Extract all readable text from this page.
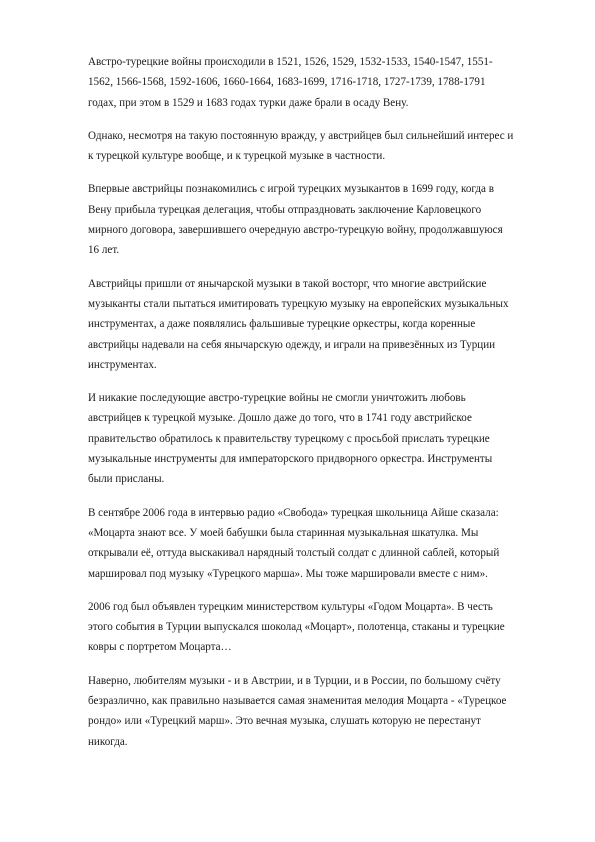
Австро-турецкие войны происходили в 1521, 1526, 1529, 1532-1533, 1540-1547, 1551-1562, 1566-1568, 1592-1606, 1660-1664, 1683-1699, 1716-1718, 1727-1739, 1788-1791 годах, при этом в 1529 и 1683 годах турки даже брали в осаду Вену.

Однако, несмотря на такую постоянную вражду, у австрийцев был сильнейший интерес и к турецкой культуре вообще, и к турецкой музыке в частности.

Впервые австрийцы познакомились с игрой турецких музыкантов в 1699 году, когда в Вену прибыла турецкая делегация, чтобы отпраздновать заключение Карловецкого мирного договора, завершившего очередную австро-турецкую войну, продолжавшуюся 16 лет.

Австрийцы пришли от янычарской музыки в такой восторг, что многие австрийские музыканты стали пытаться имитировать турецкую музыку на европейских музыкальных инструментах, а даже появлялись фальшивые турецкие оркестры, когда коренные австрийцы надевали на себя янычарскую одежду, и играли на привезённых из Турции инструментах.

И никакие последующие австро-турецкие войны не смогли уничтожить любовь австрийцев к турецкой музыке. Дошло даже до того, что в 1741 году австрийское правительство обратилось к правительству турецкому с просьбой прислать турецкие музыкальные инструменты для императорского придворного оркестра. Инструменты были присланы.

В сентябре 2006 года в интервью радио «Свобода» турецкая школьница Айше сказала: «Моцарта знают все. У моей бабушки была старинная музыкальная шкатулка. Мы открывали её, оттуда выскакивал нарядный толстый солдат с длинной саблей, который маршировал под музыку «Турецкого марша». Мы тоже маршировали вместе с ним».

2006 год был объявлен турецким министерством культуры «Годом Моцарта». В честь этого события в Турции выпускался шоколад «Моцарт», полотенца, стаканы и турецкие ковры с портретом Моцарта…

Наверно, любителям музыки - и в Австрии, и в Турции, и в России, по большому счёту безразлично, как правильно называется самая знаменитая мелодия Моцарта - «Турецкое рондо» или «Турецкий марш». Это вечная музыка, слушать которую не перестанут никогда.
